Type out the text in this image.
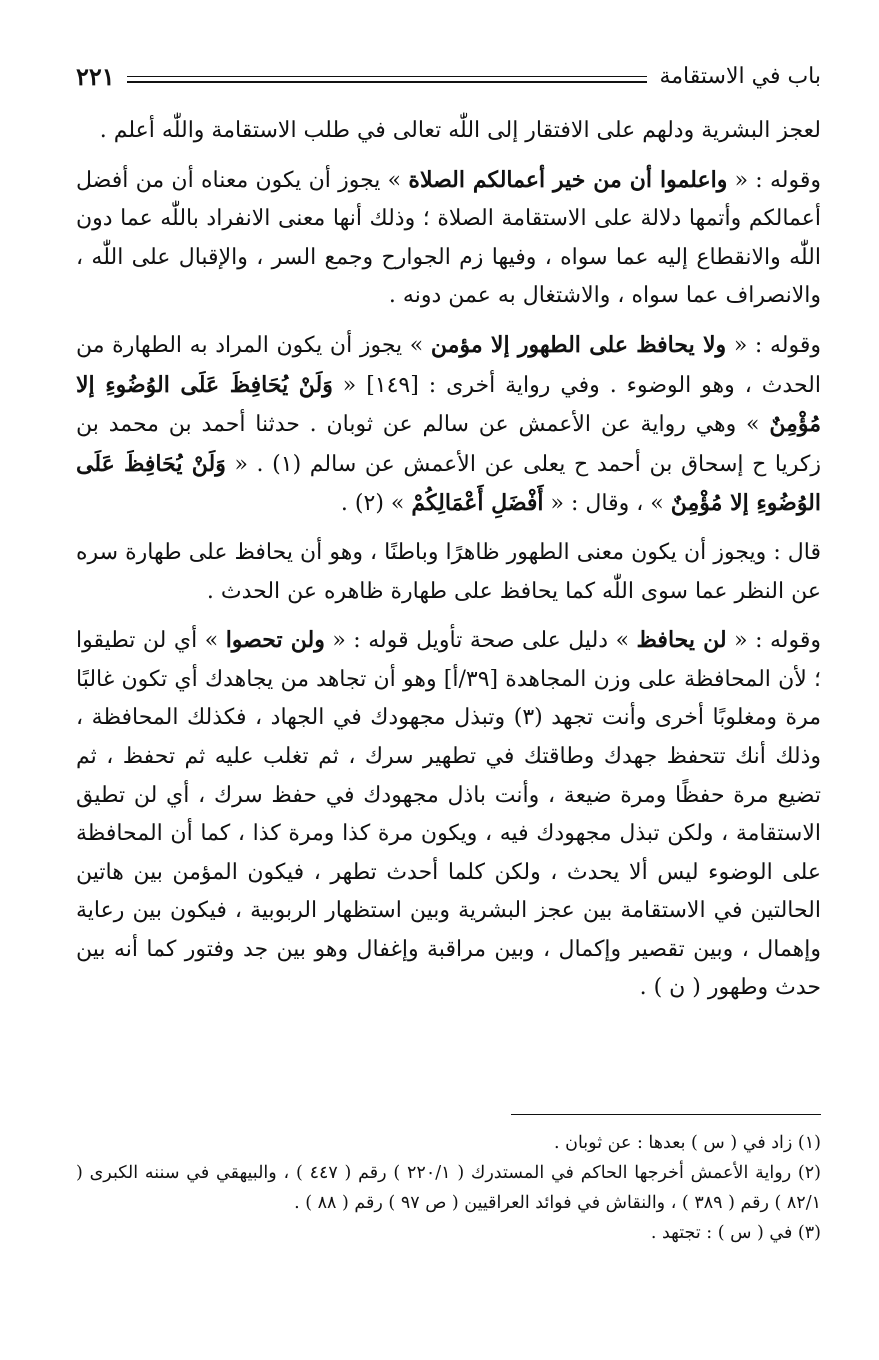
باب في الاستقامة
٢٢١

لعجز البشرية ودلهم على الافتقار إلى اللّٰه تعالى في طلب الاستقامة واللّٰه أعلم .

وقوله : « واعلموا أن من خير أعمالكم الصلاة » يجوز أن يكون معناه أن من أفضل أعمالكم وأتمها دلالة على الاستقامة الصلاة ؛ وذلك أنها معنى الانفراد باللّٰه عما دون اللّٰه والانقطاع إليه عما سواه ، وفيها زم الجوارح وجمع السر ، والإقبال على اللّٰه ، والانصراف عما سواه ، والاشتغال به عمن دونه .

وقوله : « ولا يحافظ على الطهور إلا مؤمن » يجوز أن يكون المراد به الطهارة من الحدث ، وهو الوضوء . وفي رواية أخرى : [١٤٩] « وَلَنْ يُحَافِظَ عَلَى الوُضُوءِ إلا مُؤْمِنٌ » وهي رواية عن الأعمش عن سالم عن ثوبان . حدثنا أحمد بن محمد بن زكريا ح إسحاق بن أحمد ح يعلى عن الأعمش عن سالم (١) . « وَلَنْ يُحَافِظَ عَلَى الوُضُوءِ إلا مُؤْمِنٌ » ، وقال : « أَفْضَلِ أَعْمَالِكُمْ » (٢) .

قال : ويجوز أن يكون معنى الطهور ظاهرًا وباطنًا ، وهو أن يحافظ على طهارة سره عن النظر عما سوى اللّٰه كما يحافظ على طهارة ظاهره عن الحدث .

وقوله : « لن يحافظ » دليل على صحة تأويل قوله : « ولن تحصوا » أي لن تطيقوا ؛ لأن المحافظة على وزن المجاهدة [٣٩/أ] وهو أن تجاهد من يجاهدك أي تكون غالبًا مرة ومغلوبًا أخرى وأنت تجهد (٣) وتبذل مجهودك في الجهاد ، فكذلك المحافظة ، وذلك أنك تتحفظ جهدك وطاقتك في تطهير سرك ، ثم تغلب عليه ثم تحفظ ، ثم تضيع مرة حفظًا ومرة ضيعة ، وأنت باذل مجهودك في حفظ سرك ، أي لن تطيق الاستقامة ، ولكن تبذل مجهودك فيه ، ويكون مرة كذا ومرة كذا ، كما أن المحافظة على الوضوء ليس ألا يحدث ، ولكن كلما أحدث تطهر ، فيكون المؤمن بين هاتين الحالتين في الاستقامة بين عجز البشرية وبين استظهار الربوبية ، فيكون بين رعاية وإهمال ، وبين تقصير وإكمال ، وبين مراقبة وإغفال وهو بين جد وفتور كما أنه بين حدث وطهور ( ن ) .

(١) زاد في ( س ) بعدها : عن ثوبان .

(٢) رواية الأعمش أخرجها الحاكم في المستدرك ( ٢٢٠/١ ) رقم ( ٤٤٧ ) ، والبيهقي في سننه الكبرى ( ٨٢/١ ) رقم ( ٣٨٩ ) ، والنقاش في فوائد العراقيين ( ص ٩٧ ) رقم ( ٨٨ ) .

(٣) في ( س ) : تجتهد .
